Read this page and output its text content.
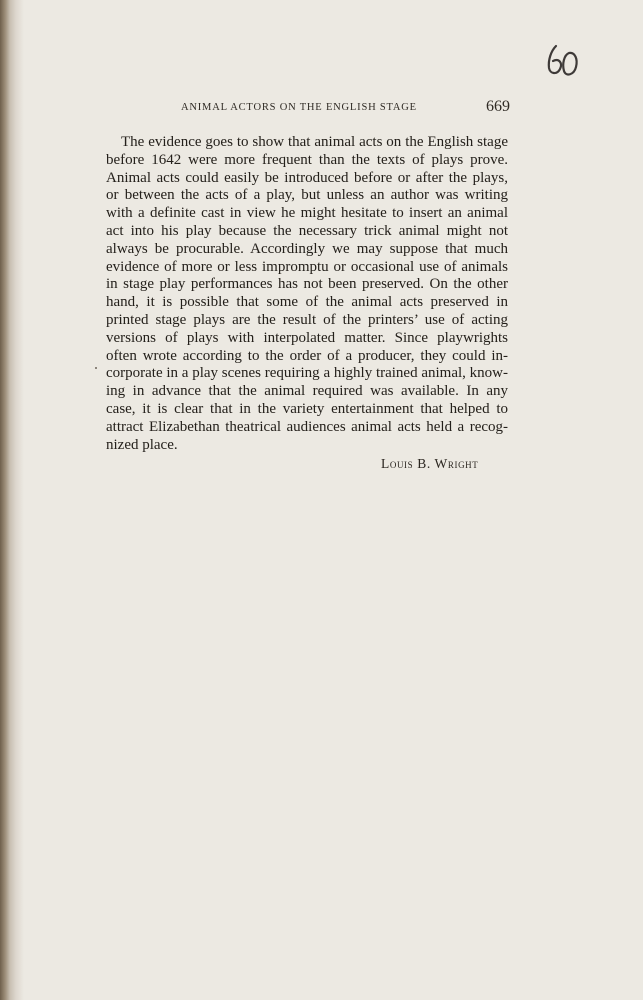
ANIMAL ACTORS ON THE ENGLISH STAGE	669
The evidence goes to show that animal acts on the English stage
before 1642 were more frequent than the texts of plays prove.
Animal acts could easily be introduced before or after the plays,
or between the acts of a play, but unless an author was writing
with a definite cast in view he might hesitate to insert an animal
act into his play because the necessary trick animal might not
always be procurable. Accordingly we may suppose that much
evidence of more or less impromptu or occasional use of animals
in stage play performances has not been preserved. On the other
hand, it is possible that some of the animal acts preserved in
printed stage plays are the result of the printers’ use of acting
versions of plays with interpolated matter. Since playwrights
often wrote according to the order of a producer, they could in-
corporate in a play scenes requiring a highly trained animal, know-
ing in advance that the animal required was available. In any
case, it is clear that in the variety entertainment that helped to
attract Elizabethan theatrical audiences animal acts held a recog-
nized place.
Louis B. Wright
